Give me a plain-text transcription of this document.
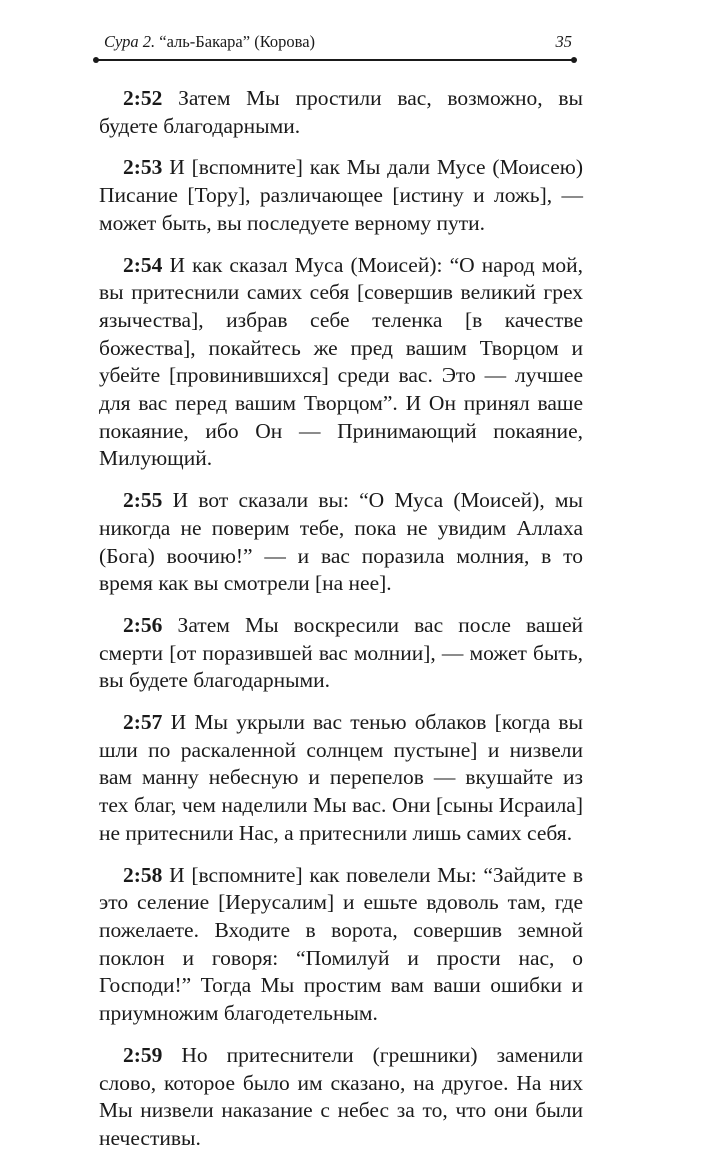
Сура 2. “аль-Бакара” (Корова)	35

2:52 Затем Мы простили вас, возможно, вы будете благодарными.

2:53 И [вспомните] как Мы дали Мусе (Моисею) Писание [Тору], различающее [истину и ложь], — может быть, вы последуете верному пути.

2:54 И как сказал Муса (Моисей): “О народ мой, вы притеснили самих себя [совершив великий грех язычества], избрав себе теленка [в качестве божества], покайтесь же пред вашим Творцом и убейте [провинившихся] среди вас. Это — лучшее для вас перед вашим Творцом”. И Он принял ваше покаяние, ибо Он — Принимающий покаяние, Милующий.

2:55 И вот сказали вы: “О Муса (Моисей), мы никогда не поверим тебе, пока не увидим Аллаха (Бога) воочию!” — и вас поразила молния, в то время как вы смотрели [на нее].

2:56 Затем Мы воскресили вас после вашей смерти [от поразившей вас молнии], — может быть, вы будете благодарными.

2:57 И Мы укрыли вас тенью облаков [когда вы шли по раскаленной солнцем пустыне] и низвели вам манну небесную и перепелов — вкушайте из тех благ, чем наделили Мы вас. Они [сыны Исраила] не притеснили Нас, а притеснили лишь самих себя.

2:58 И [вспомните] как повелели Мы: “Зайдите в это селение [Иерусалим] и ешьте вдоволь там, где пожелаете. Входите в ворота, совершив земной поклон и говоря: “Помилуй и прости нас, о Господи!” Тогда Мы простим вам ваши ошибки и приумножим благодетельным.

2:59 Но притеснители (грешники) заменили слово, которое было им сказано, на другое. На них Мы низвели наказание с небес за то, что они были нечестивы.
